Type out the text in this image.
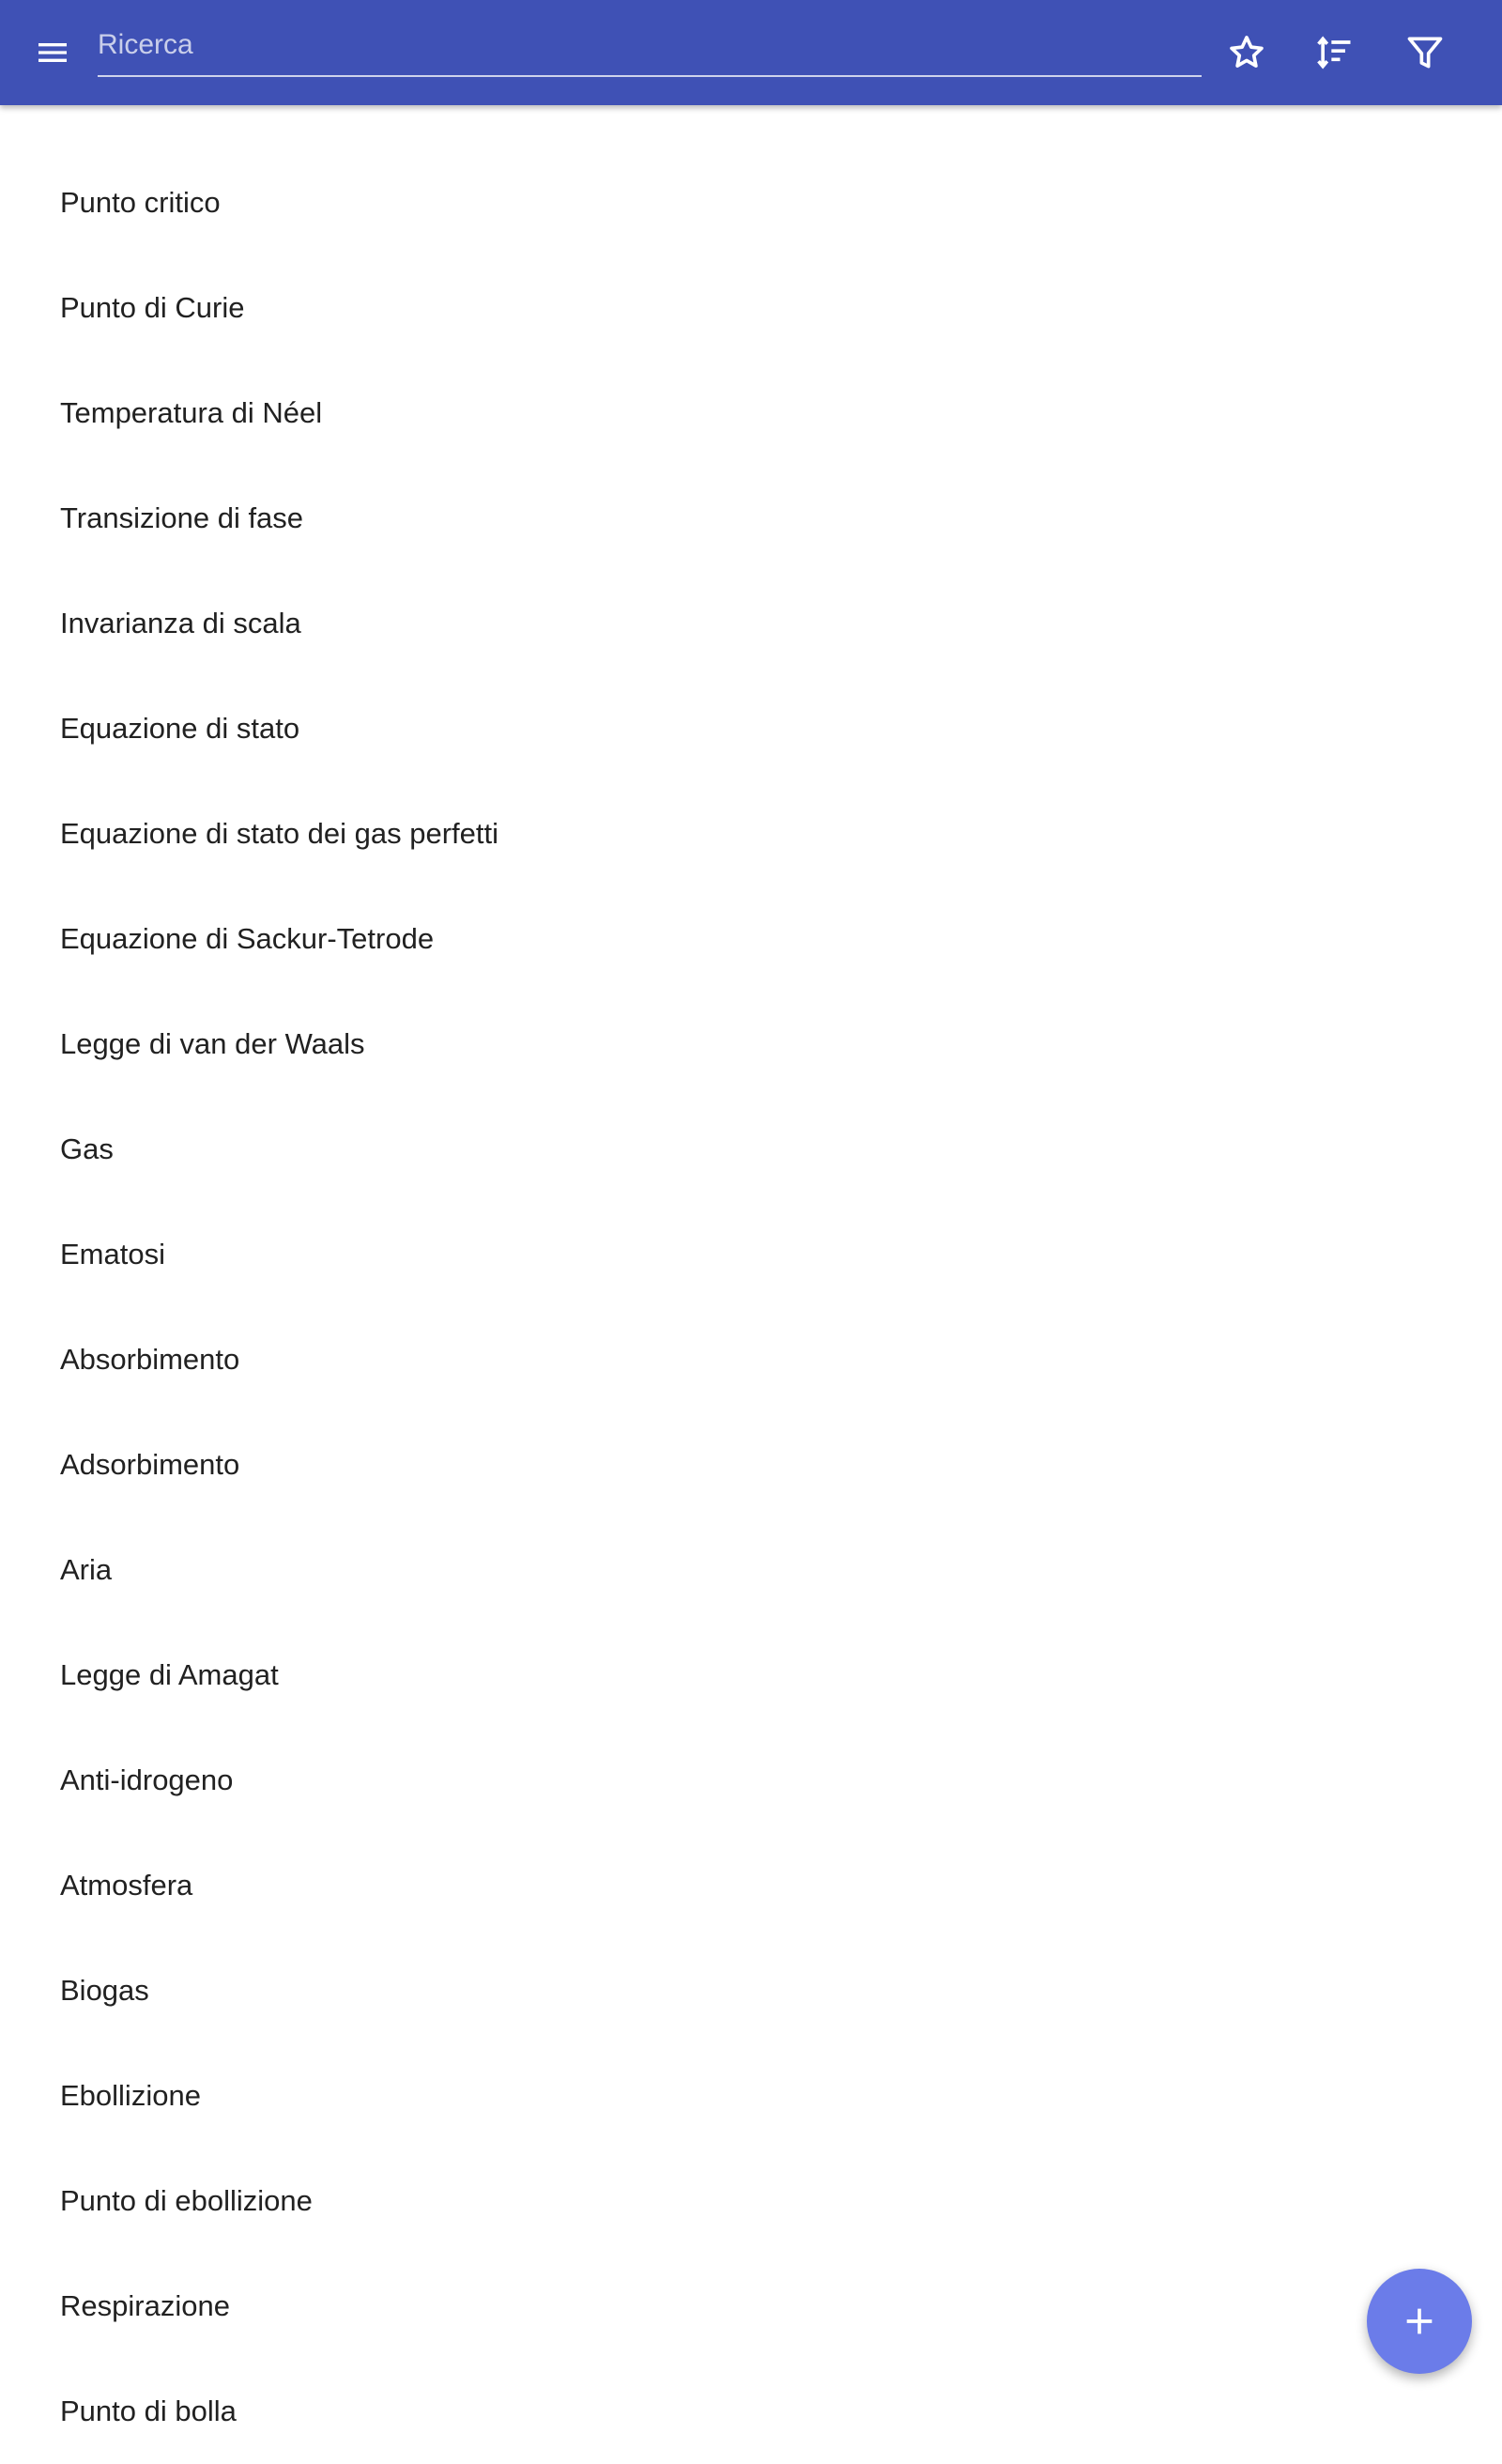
Ricerca
Punto critico
Punto di Curie
Temperatura di Néel
Transizione di fase
Invarianza di scala
Equazione di stato
Equazione di stato dei gas perfetti
Equazione di Sackur-Tetrode
Legge di van der Waals
Gas
Ematosi
Absorbimento
Adsorbimento
Aria
Legge di Amagat
Anti-idrogeno
Atmosfera
Biogas
Ebollizione
Punto di ebollizione
Respirazione
Punto di bolla
